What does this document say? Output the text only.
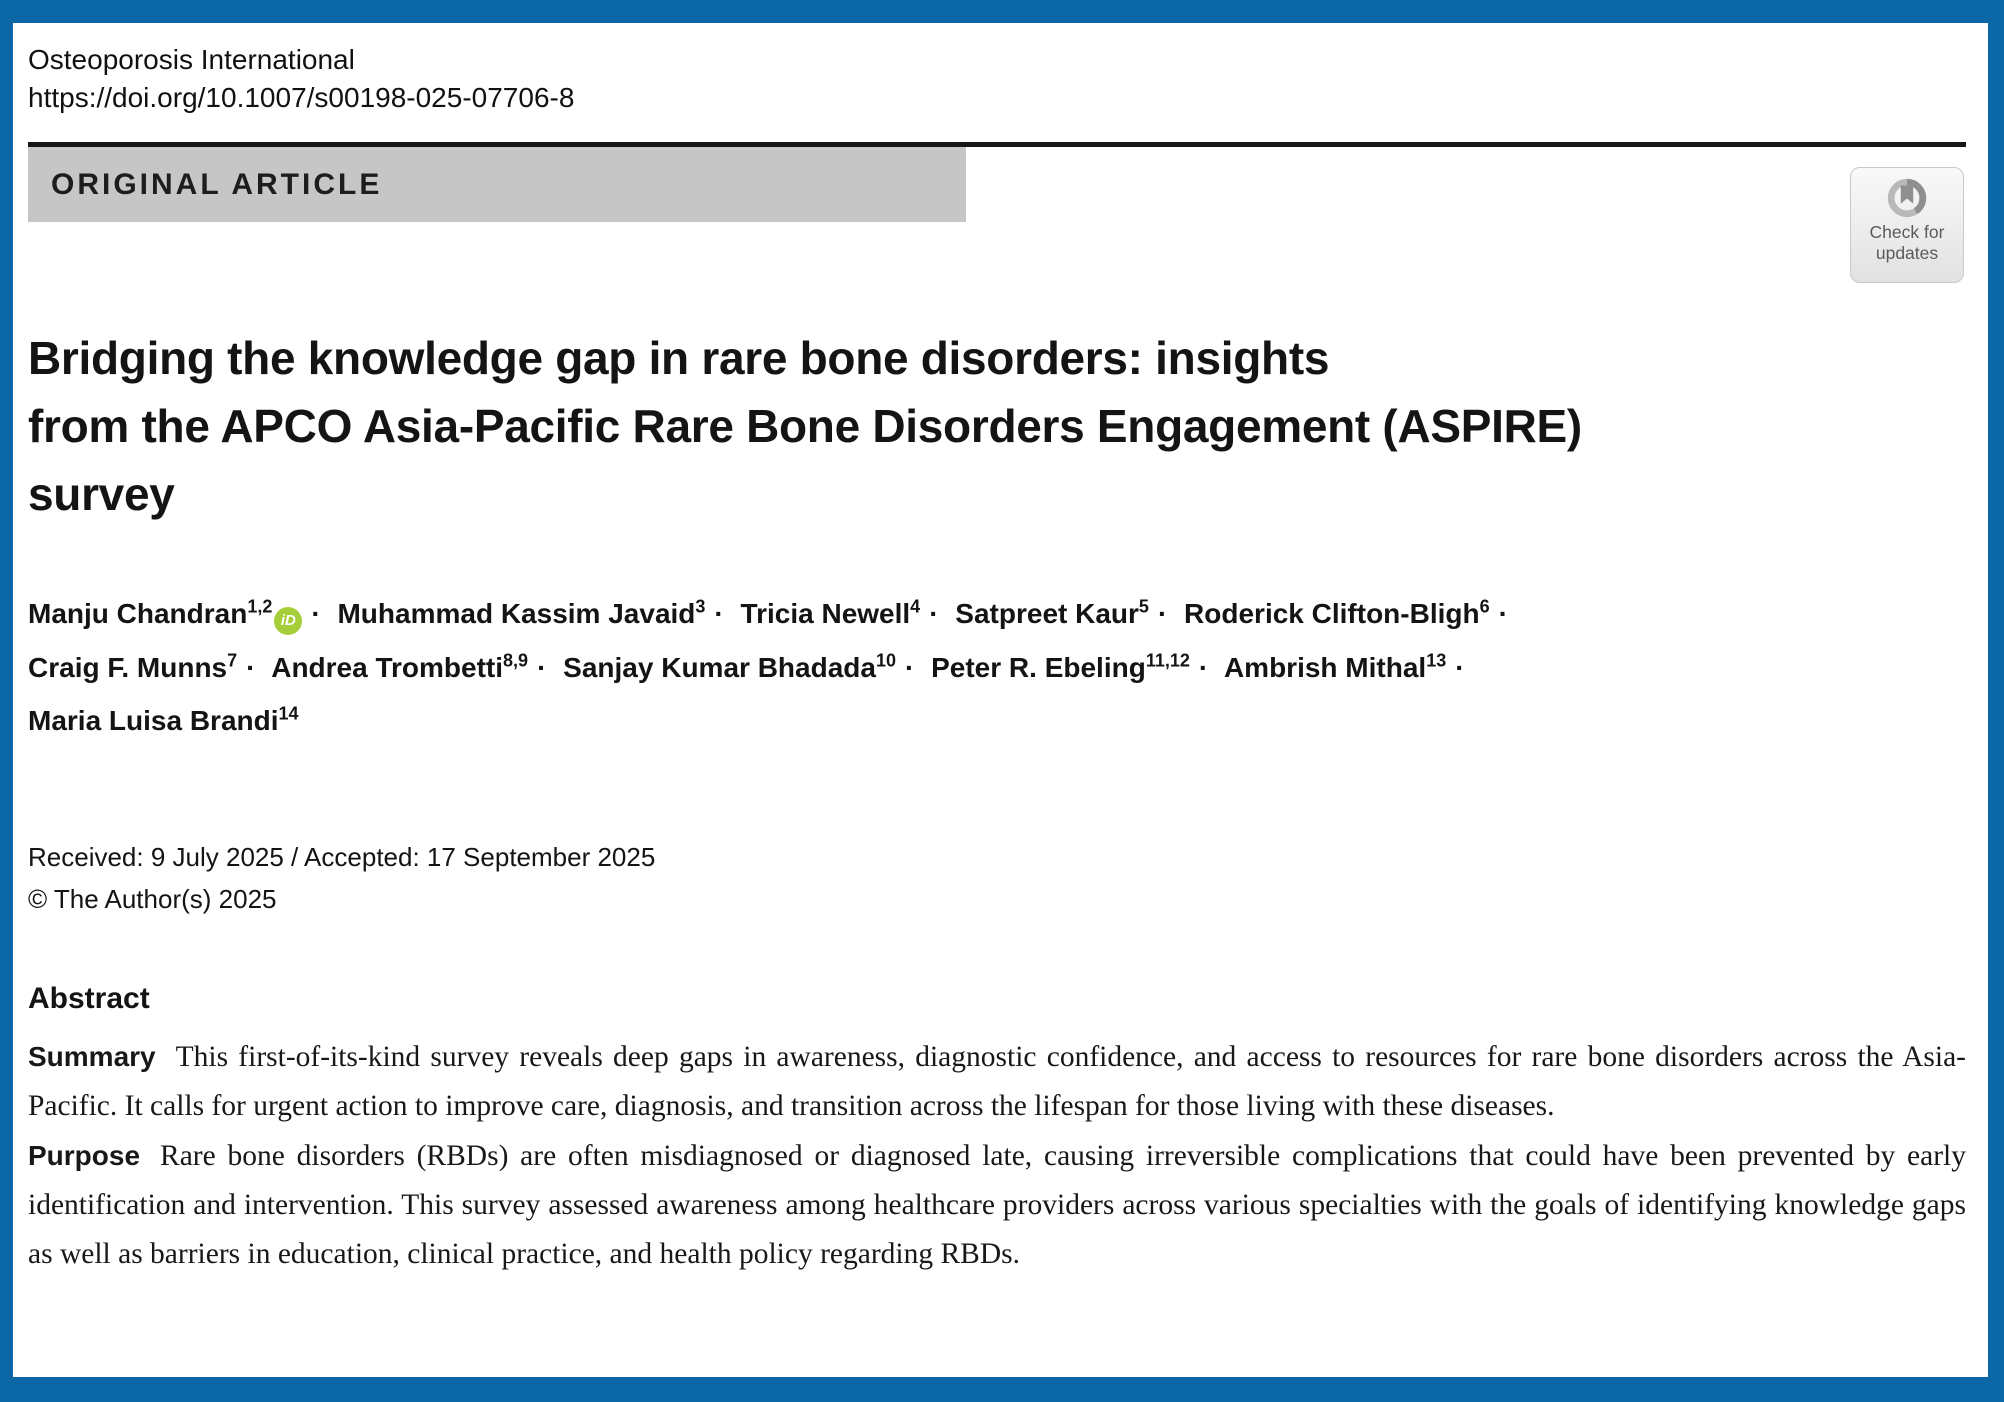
Osteoporosis International
https://doi.org/10.1007/s00198-025-07706-8
ORIGINAL ARTICLE
Check for
updates
Bridging the knowledge gap in rare bone disorders: insights
from the APCO Asia-Pacific Rare Bone Disorders Engagement (ASPIRE)
survey
Manju Chandran$^{1,2}$iD · Muhammad Kassim Javaid$^3$ · Tricia Newell$^4$ · Satpreet Kaur$^5$ · Roderick Clifton-Bligh$^6$ ·
Craig F. Munns$^7$ · Andrea Trombetti$^{8,9}$ · Sanjay Kumar Bhadada$^{10}$ · Peter R. Ebeling$^{11,12}$ · Ambrish Mithal$^{13}$ ·
Maria Luisa Brandi$^{14}$
Received: 9 July 2025 / Accepted: 17 September 2025
© The Author(s) 2025
Abstract

Summary This first-of-its-kind survey reveals deep gaps in awareness, diagnostic confidence, and access to resources for rare bone disorders across the Asia-Pacific. It calls for urgent action to improve care, diagnosis, and transition across the lifespan for those living with these diseases.

Purpose Rare bone disorders (RBDs) are often misdiagnosed or diagnosed late, causing irreversible complications that could have been prevented by early identification and intervention. This survey assessed awareness among healthcare providers across various specialties with the goals of identifying knowledge gaps as well as barriers in education, clinical practice, and health policy regarding RBDs.
